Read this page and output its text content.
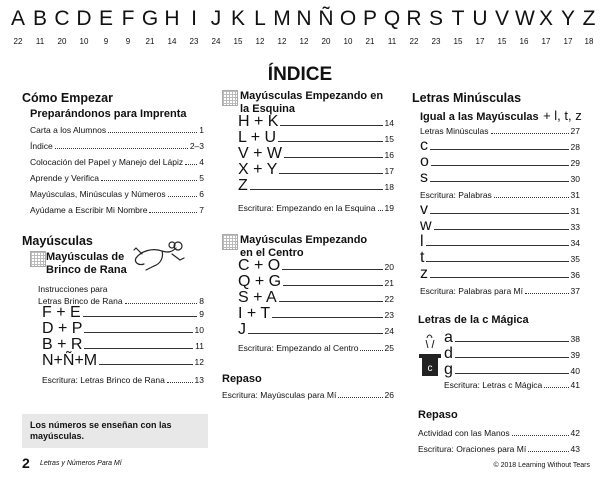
A
22
B
11
C
20
D
10
E
9
F
9
G
21
H
14
I
23
J
24
K
15
L
12
M
12
N
12
Ñ
20
O
10
P
21
Q
11
R
22
S
23
T
15
U
17
V
15
W
16
X
17
Y
17
Z
18
ÍNDICE
Cómo Empezar
Preparándonos para Imprenta
Carta a los Alumnos	1
Índice	2–3
Colocación del Papel y Manejo del Lápiz 4
Aprende y Verifica	5
Mayúsculas, Minúsculas y Números	6
Ayúdame a Escribir Mi Nombre	7
Mayúsculas
Mayúsculas de
Brinco de Rana
Instrucciones para
Letras Brinco de Rana	8
F + E	9
D + P	10
B + R	11
N+Ñ+M	12
Escritura: Letras Brinco de Rana	13
Los números se enseñan con las mayúsculas.
Mayúsculas Empezando en
la Esquina
H + K	14
L + U	15
V + W	16
X + Y	17
Z	18
Escritura: Empezando en la Esquina 19
Mayúsculas Empezando
en el Centro
C + O	20
Q + G	21
S + A	22
I + T	23
J	24
Escritura: Empezando al Centro	25
Repaso
Escritura: Mayúsculas para Mí	26
Letras Minúsculas
Igual a las Mayúsculas + l, t, z
Letras Minúsculas	27
c	28
o	29
s	30
Escritura: Palabras	31
v	31
w	33
l	34
t	35
z	36
Escritura: Palabras para Mí	37
Letras de la c Mágica
c
a	38
d	39
g	40
Escritura: Letras c Mágica	41
Repaso
Actividad con las Manos	42
Escritura: Oraciones para Mí	43
2 Letras y Números Para Mí	© 2018 Learning Without Tears
